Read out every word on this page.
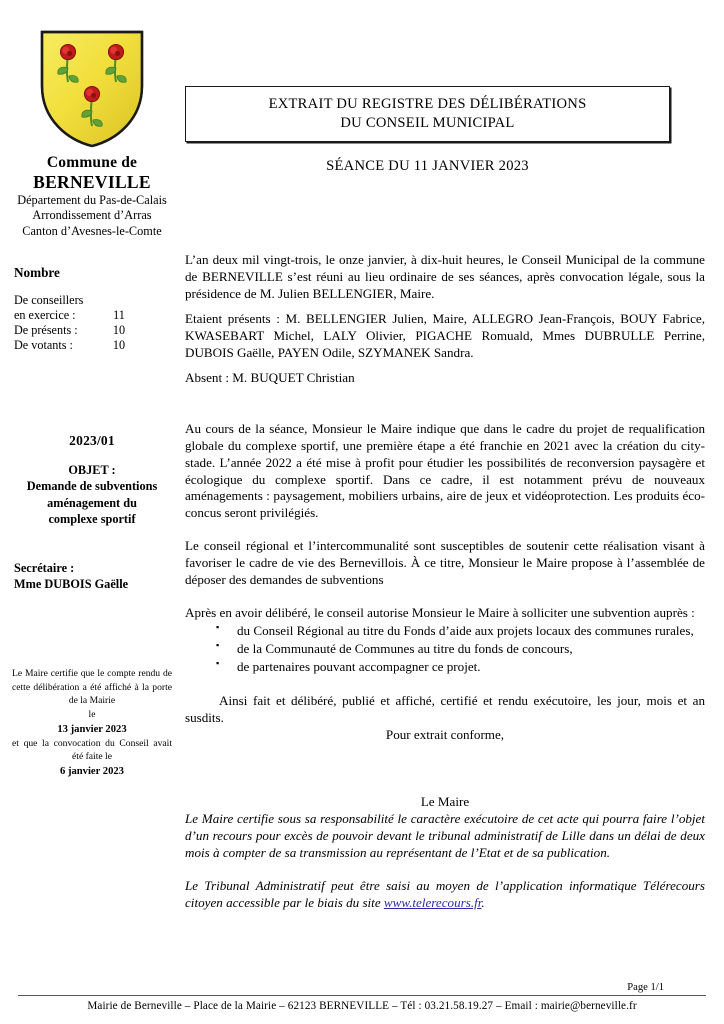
Commune de
BERNEVILLE
Département du Pas-de-Calais
Arrondissement d’Arras
Canton d’Avesnes-le-Comte
Nombre
De conseillers
en exercice :	11
De présents :	10
De votants :	10
2023/01
OBJET :
Demande de subventions
aménagement du
complexe sportif
Secrétaire :
Mme DUBOIS Gaëlle
Le Maire certifie que le compte rendu de cette délibération a été affiché à la porte de la Mairie
le
13 janvier 2023
et que la convocation du Conseil avait été faite le
6 janvier 2023
EXTRAIT DU REGISTRE DES DÉLIBÉRATIONS
DU CONSEIL MUNICIPAL
SÉANCE DU 11 JANVIER 2023

L’an deux mil vingt-trois, le onze janvier, à dix-huit heures, le Conseil Municipal de la commune de BERNEVILLE s’est réuni au lieu ordinaire de ses séances, après convocation légale, sous la présidence de M. Julien BELLENGIER, Maire.

Etaient présents : M. BELLENGIER Julien, Maire, ALLEGRO Jean-François, BOUY Fabrice, KWASEBART Michel, LALY Olivier, PIGACHE Romuald, Mmes DUBRULLE Perrine, DUBOIS Gaëlle, PAYEN Odile, SZYMANEK Sandra.

Absent : M. BUQUET Christian

Au cours de la séance, Monsieur le Maire indique que dans le cadre du projet de requalification globale du complexe sportif, une première étape a été franchie en 2021 avec la création du city-stade. L’année 2022 a été mise à profit pour étudier les possibilités de reconversion paysagère et écologique du complexe sportif. Dans ce cadre, il est notamment prévu de nouveaux aménagements : paysagement, mobiliers urbains, aire de jeux et vidéoprotection. Les produits éco-concus seront privilégiés.

Le conseil régional et l’intercommunalité sont susceptibles de soutenir cette réalisation visant à favoriser le cadre de vie des Bernevillois. À ce titre, Monsieur le Maire propose à l’assemblée de déposer des demandes de subventions

Après en avoir délibéré, le conseil autorise Monsieur le Maire à solliciter une subvention auprès :

▪ du Conseil Régional au titre du Fonds d’aide aux projets locaux des communes rurales,
▪ de la Communauté de Communes au titre du fonds de concours,
▪ de partenaires pouvant accompagner ce projet.

Ainsi fait et délibéré, publié et affiché, certifié et rendu exécutoire, les jour, mois et an susdits.

Pour extrait conforme,

Le Maire

Le Maire certifie sous sa responsabilité le caractère exécutoire de cet acte qui pourra faire l’objet d’un recours pour excès de pouvoir devant le tribunal administratif de Lille dans un délai de deux mois à compter de sa transmission au représentant de l’Etat et de sa publication.

Le Tribunal Administratif peut être saisi au moyen de l’application informatique Télérecours citoyen accessible par le biais du site www.telerecours.fr.

Page 1/1
Mairie de Berneville – Place de la Mairie – 62123 BERNEVILLE – Tél : 03.21.58.19.27 – Email : mairie@berneville.fr
